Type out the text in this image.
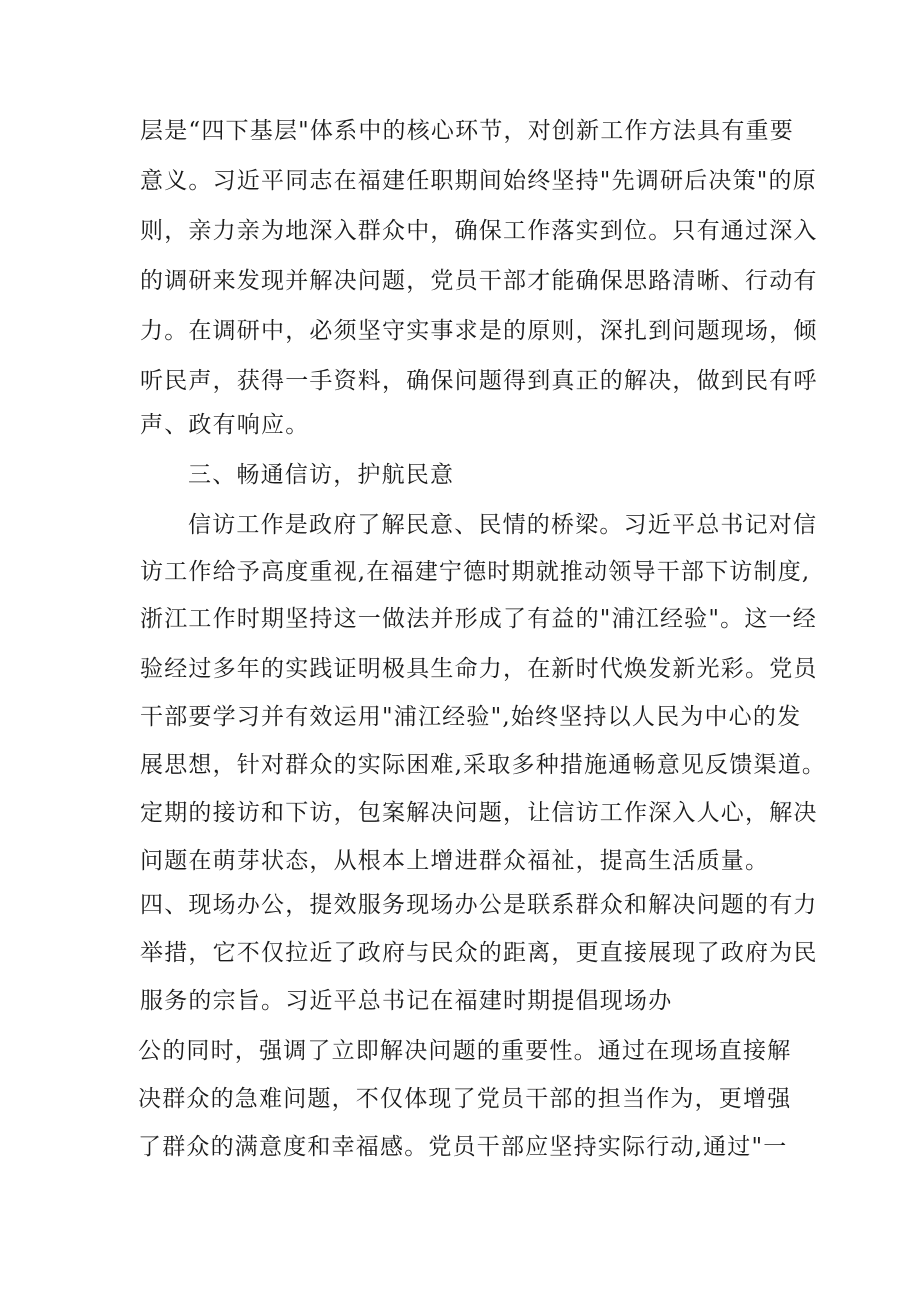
层是“四下基层"体系中的核心环节，对创新工作方法具有重要
意义。习近平同志在福建任职期间始终坚持"先调研后决策"的原
则，亲力亲为地深入群众中，确保工作落实到位。只有通过深入
的调研来发现并解决问题，党员干部才能确保思路清晰、行动有
力。在调研中，必须坚守实事求是的原则，深扎到问题现场，倾
听民声，获得一手资料，确保问题得到真正的解决，做到民有呼
声、政有响应。
三、畅通信访，护航民意
信访工作是政府了解民意、民情的桥梁。习近平总书记对信
访工作给予高度重视,在福建宁德时期就推动领导干部下访制度,
浙江工作时期坚持这一做法并形成了有益的"浦江经验"。这一经
验经过多年的实践证明极具生命力，在新时代焕发新光彩。党员
干部要学习并有效运用"浦江经验",始终坚持以人民为中心的发
展思想，针对群众的实际困难,采取多种措施通畅意见反馈渠道。
定期的接访和下访，包案解决问题，让信访工作深入人心，解决
问题在萌芽状态，从根本上增进群众福祉，提高生活质量。
四、现场办公，提效服务现场办公是联系群众和解决问题的有力
举措，它不仅拉近了政府与民众的距离，更直接展现了政府为民
服务的宗旨。习近平总书记在福建时期提倡现场办
公的同时，强调了立即解决问题的重要性。通过在现场直接解
决群众的急难问题，不仅体现了党员干部的担当作为，更增强
了群众的满意度和幸福感。党员干部应坚持实际行动,通过"一
